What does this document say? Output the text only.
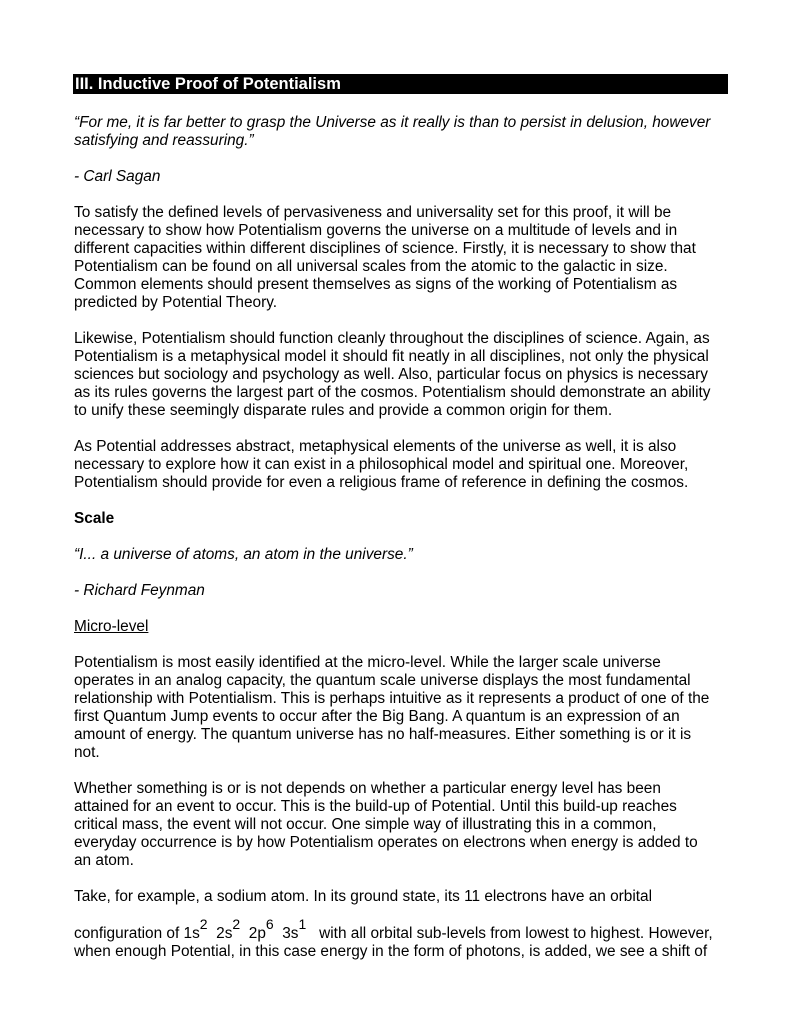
III. Inductive Proof of Potentialism
“For me, it is far better to grasp the Universe as it really is than to persist in delusion, however
satisfying and reassuring.”
- Carl Sagan

To satisfy the defined levels of pervasiveness and universality set for this proof, it will be
necessary to show how Potentialism governs the universe on a multitude of levels and in
different capacities within different disciplines of science. Firstly, it is necessary to show that
Potentialism can be found on all universal scales from the atomic to the galactic in size.
Common elements should present themselves as signs of the working of Potentialism as
predicted by Potential Theory.

Likewise, Potentialism should function cleanly throughout the disciplines of science. Again, as
Potentialism is a metaphysical model it should fit neatly in all disciplines, not only the physical
sciences but sociology and psychology as well. Also, particular focus on physics is necessary
as its rules governs the largest part of the cosmos. Potentialism should demonstrate an ability
to unify these seemingly disparate rules and provide a common origin for them.

As Potential addresses abstract, metaphysical elements of the universe as well, it is also
necessary to explore how it can exist in a philosophical model and spiritual one. Moreover,
Potentialism should provide for even a religious frame of reference in defining the cosmos.

Scale
“I... a universe of atoms, an atom in the universe.”
- Richard Feynman
Micro-level

Potentialism is most easily identified at the micro-level. While the larger scale universe
operates in an analog capacity, the quantum scale universe displays the most fundamental
relationship with Potentialism. This is perhaps intuitive as it represents a product of one of the
first Quantum Jump events to occur after the Big Bang. A quantum is an expression of an
amount of energy. The quantum universe has no half-measures. Either something is or it is
not.

Whether something is or is not depends on whether a particular energy level has been
attained for an event to occur. This is the build-up of Potential. Until this build-up reaches
critical mass, the event will not occur. One simple way of illustrating this in a common,
everyday occurrence is by how Potentialism operates on electrons when energy is added to
an atom.

Take, for example, a sodium atom. In its ground state, its 11 electrons have an orbital
configuration of $1s^2$  $2s^2$  $2p^6$  $3s^1$   with all orbital sub-levels from lowest to highest. However,
when enough Potential, in this case energy in the form of photons, is added, we see a shift of
